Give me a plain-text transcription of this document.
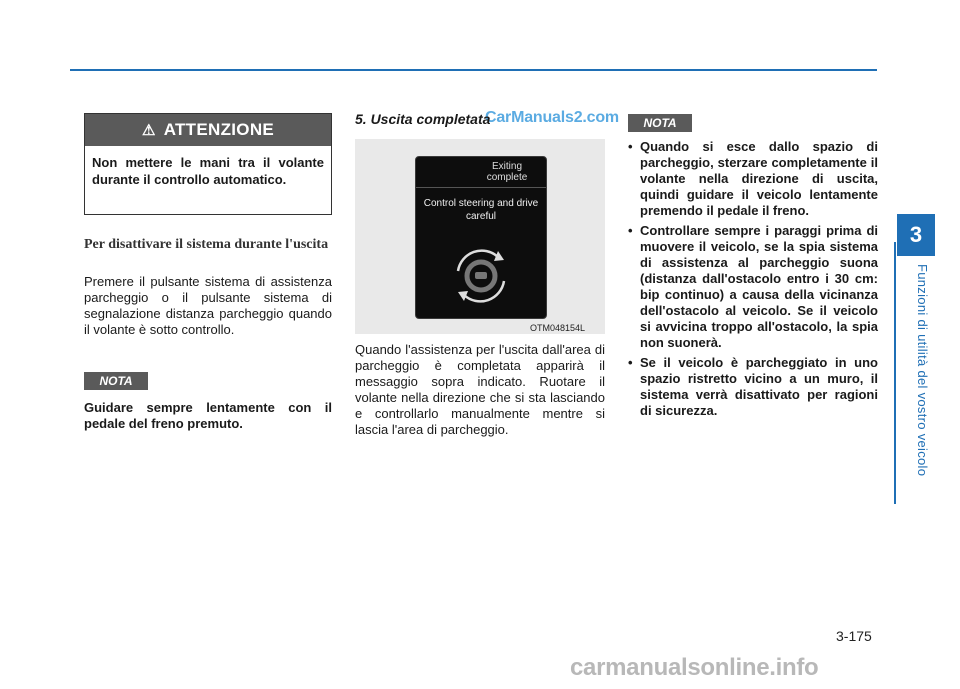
3
Funzioni di utilità del vostro veicolo
CarManuals2.com
⚠ ATTENZIONE
Non mettere le mani tra il volante durante il controllo automatico.
Per disattivare il sistema durante l'uscita
Premere il pulsante sistema di assistenza parcheggio o il pulsante sistema di segnalazione distanza parcheggio quando il volante è sotto controllo.
NOTA
Guidare sempre lentamente con il pedale del freno premuto.
5. Uscita completata
Exiting complete
Control steering and drive careful
OTM048154L
Quando l'assistenza per l'uscita dall'area di parcheggio è completata apparirà il messaggio sopra indicato. Ruotare il volante nella direzione che si sta lasciando e controllarlo manualmente mentre si lascia l'area di parcheggio.
NOTA
• Quando si esce dallo spazio di parcheggio, sterzare completamente il volante nella direzione di uscita, quindi guidare il veicolo lentamente premendo il pedale il freno.
• Controllare sempre i paraggi prima di muovere il veicolo, se la spia sistema di assistenza al parcheggio suona (distanza dall'ostacolo entro i 30 cm: bip continuo) a causa della vicinanza dell'ostacolo al veicolo. Se il veicolo si avvicina troppo all'ostacolo, la spia non suonerà.
• Se il veicolo è parcheggiato in uno spazio ristretto vicino a un muro, il sistema verrà disattivato per ragioni di sicurezza.
3-175
carmanualsonline.info
